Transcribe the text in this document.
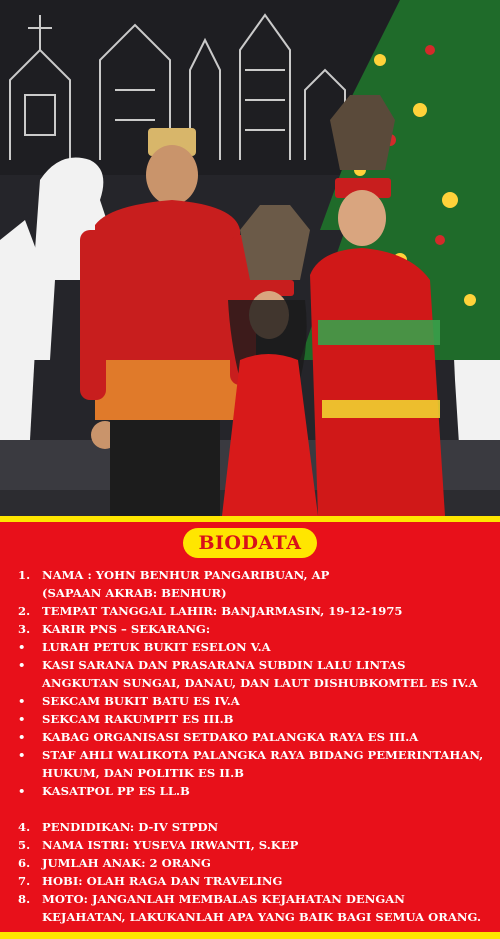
BIODATA
1.	NAMA : YOHN BENHUR PANGARIBUAN, AP
(SAPAAN AKRAB: BENHUR)
2.	TEMPAT TANGGAL LAHIR: BANJARMASIN, 19-12-1975
3.	KARIR PNS – SEKARANG:
•	LURAH PETUK BUKIT ESELON V.A
•	KASI SARANA DAN PRASARANA SUBDIN LALU LINTAS ANGKUTAN SUNGAI, DANAU, DAN LAUT DISHUBKOMTEL ES IV.A
•	SEKCAM BUKIT BATU ES IV.A
•	SEKCAM RAKUMPIT ES III.B
•	KABAG ORGANISASI SETDAKO PALANGKA RAYA ES III.A
•	STAF AHLI WALIKOTA PALANGKA RAYA BIDANG PEMERINTAHAN, HUKUM, DAN POLITIK ES II.B
•	KASATPOL PP ES LL.B
4.	PENDIDIKAN: D-IV STPDN
5.	NAMA ISTRI: YUSEVA IRWANTI, S.KEP
6.	JUMLAH ANAK: 2 ORANG
7.	HOBI: OLAH RAGA DAN TRAVELING
8.	MOTO: JANGANLAH MEMBALAS KEJAHATAN DENGAN KEJAHATAN, LAKUKANLAH APA YANG BAIK BAGI SEMUA ORANG.
